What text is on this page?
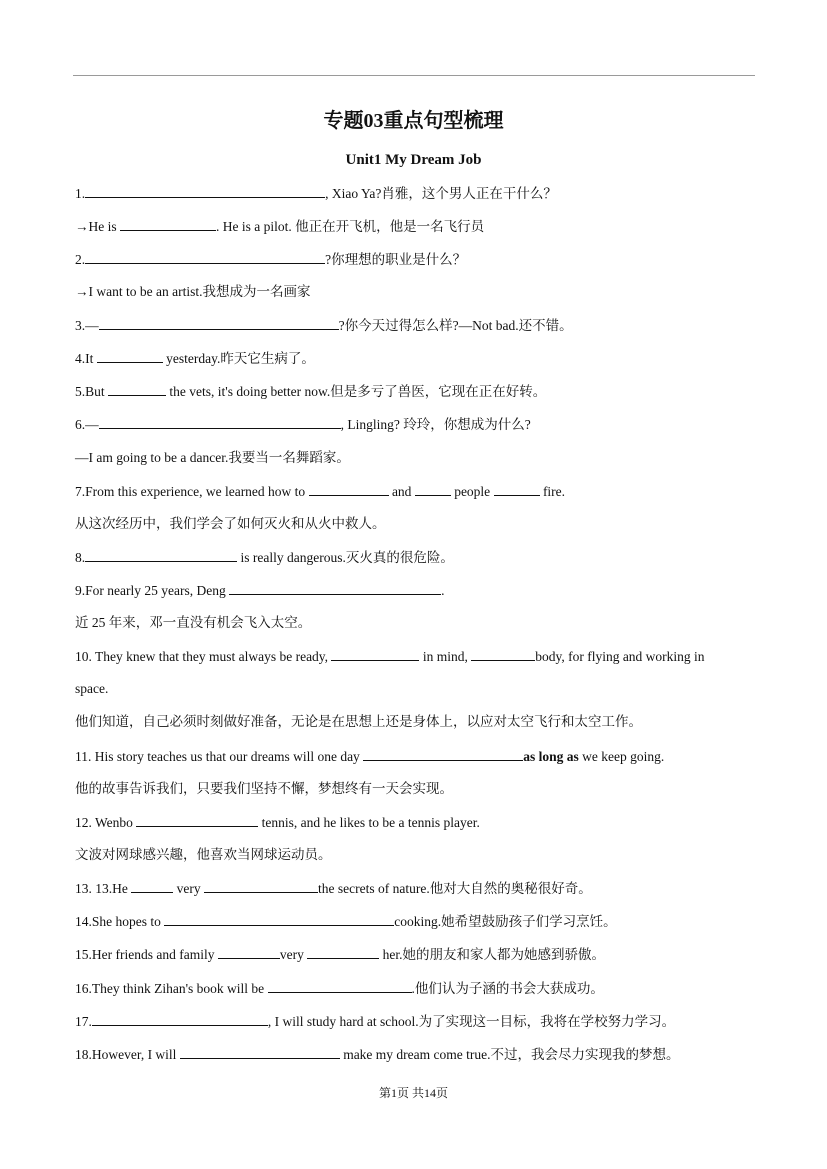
专题03重点句型梳理
Unit1 My Dream Job
1.	, Xiao Ya?肖雅，这个男人正在干什么？
→He is	. He is a pilot. 他正在开飞机，他是一名飞行员
2.	?你理想的职业是什么？
→I want to be an artist.我想成为一名画家
3.—	?你今天过得怎么样?—Not bad.还不错。
4.It	yesterday.昨天它生病了。
5.But	the vets, it's doing better now.但是多亏了兽医，它现在正在好转。
6.—	, Lingling? 玲玲，你想成为什么?
—I am going to be a dancer.我要当一名舞蹈家。
7.From this experience, we learned how to	and	people	fire.
从这次经历中，我们学会了如何灭火和从火中救人。
8.	is really dangerous.灭火真的很危险。
9.For nearly 25 years, Deng	.
近 25 年来，邓一直没有机会飞入太空。
10. They knew that they must always be ready,	in mind,	body, for flying and working in
space.
他们知道，自己必须时刻做好准备，无论是在思想上还是身体上，以应对太空飞行和太空工作。
11. His story teaches us that our dreams will one day	as long as we keep going.
他的故事告诉我们，只要我们坚持不懈，梦想终有一天会实现。
12. Wenbo	tennis, and he likes to be a tennis player.
文波对网球感兴趣，他喜欢当网球运动员。
13. 13.He	very	the secrets of nature.他对大自然的奥秘很好奇。
14.She hopes to	cooking.她希望鼓励孩子们学习烹饪。
15.Her friends and family	very	her.她的朋友和家人都为她感到骄傲。
16.They think Zihan's book will be	.他们认为子涵的书会大获成功。
17.	, I will study hard at school.为了实现这一目标，我将在学校努力学习。
18.However, I will	make my dream come true.不过，我会尽力实现我的梦想。
第1页 共14页
